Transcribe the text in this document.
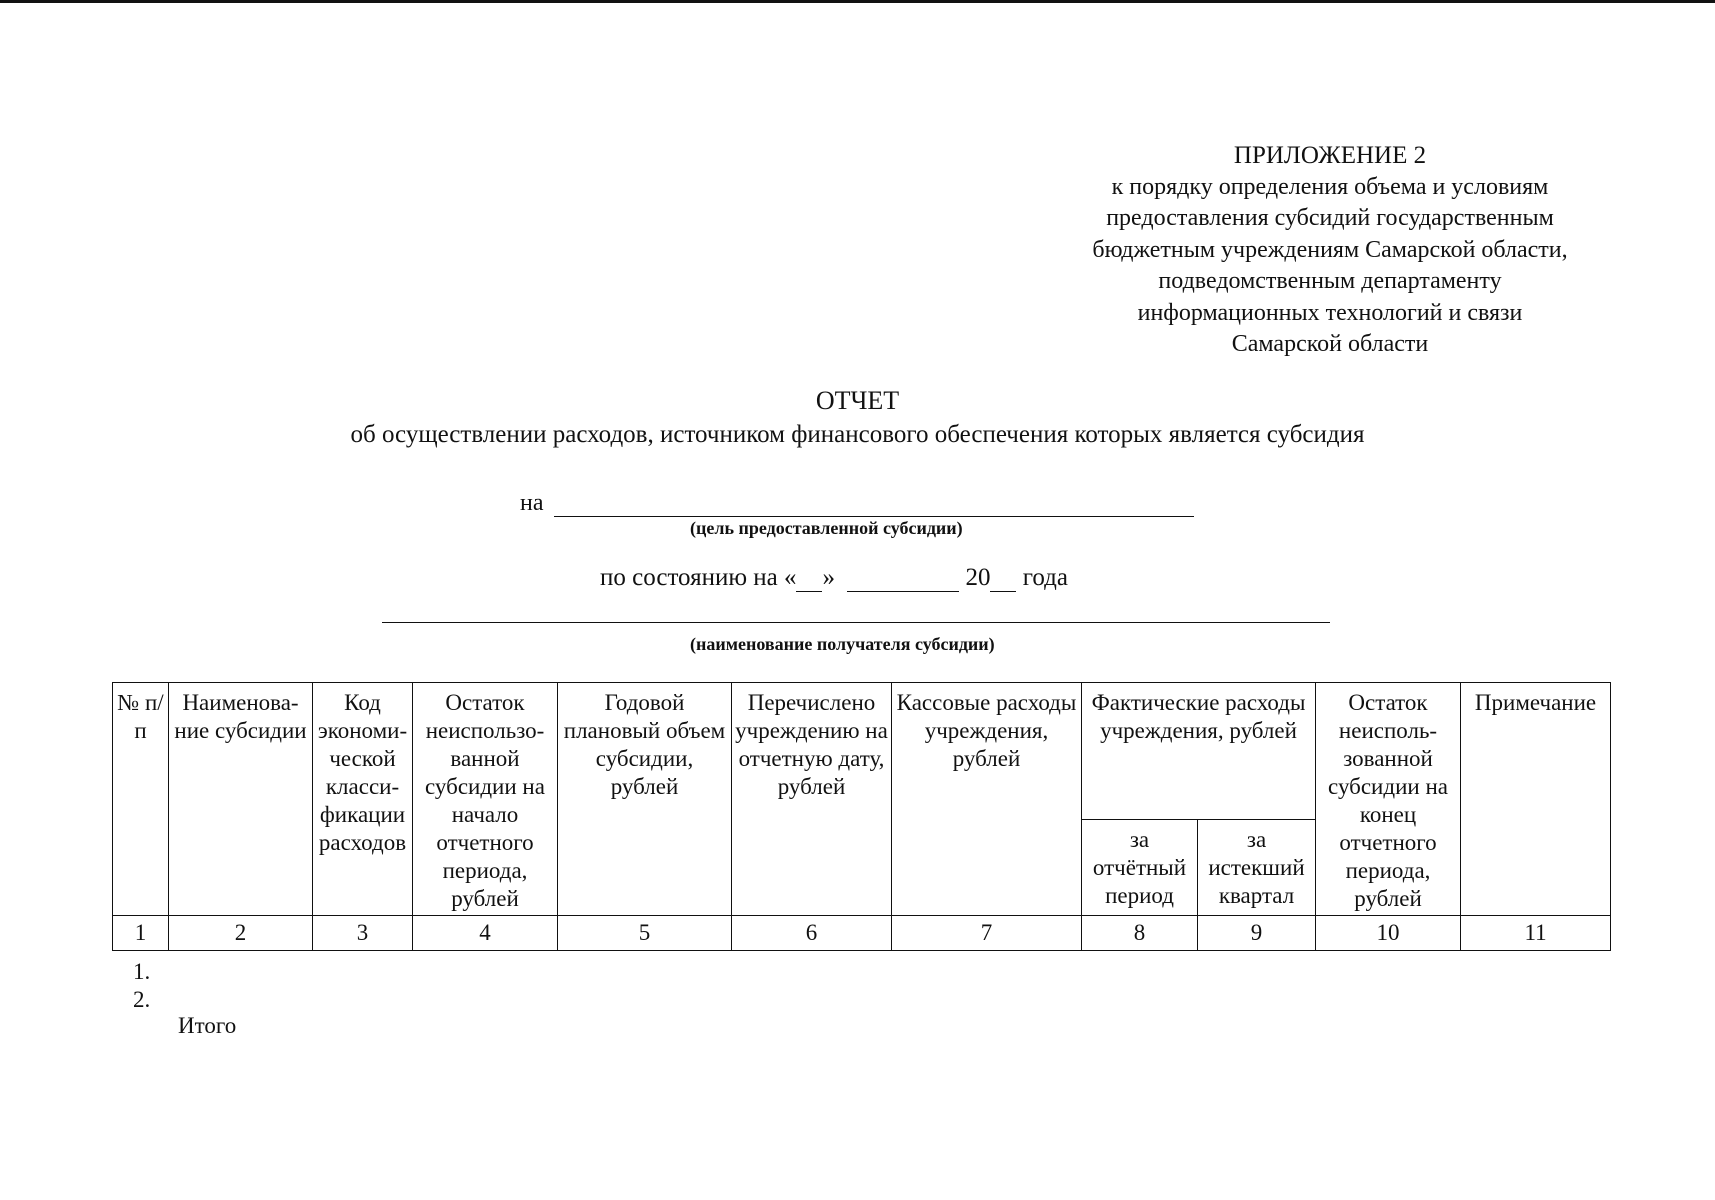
ПРИЛОЖЕНИЕ 2
к порядку определения объема и условиям
предоставления субсидий государственным
бюджетным учреждениям Самарской области,
подведомственным департаменту
информационных технологий и связи
Самарской области
ОТЧЕТ
об осуществлении расходов, источником финансового обеспечения которых является субсидия
на
(цель предоставленной субсидии)
по состоянию на « »	20 года
(наименование получателя субсидии)
№ п/п	Наименова-ние субсидии	Код экономи-ческой класси-фикации расходов	Остаток неиспользо-ванной субсидии на начало отчетного периода, рублей	Годовой плановый объем субсидии, рублей	Перечислено учреждению на отчетную дату, рублей	Кассовые расходы учреждения, рублей	Фактические расходы учреждения, рублей		Остаток неисполь-зованной субсидии на конец отчетного периода, рублей	Примечание
							за отчётный период	за истекший квартал		
1	2	3	4	5	6	7	8	9	10	11
1.
2.
Итого
